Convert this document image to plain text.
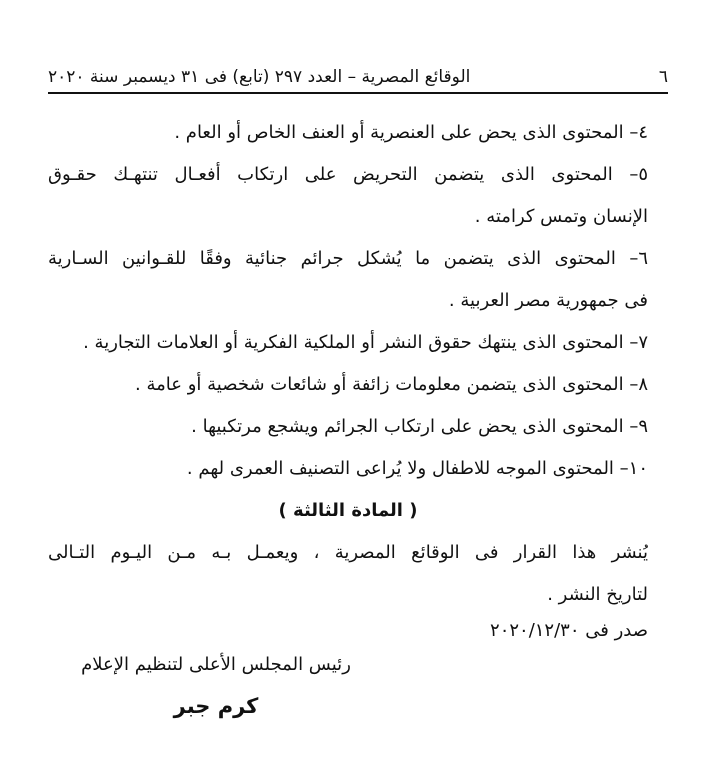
٦
الوقائع المصرية – العدد ٢٩٧ (تابع) فى ٣١ ديسمبر سنة ٢٠٢٠
٤– المحتوى الذى يحض على العنصرية أو العنف الخاص أو العام .
٥– المحتوى الذى يتضمن التحريض على ارتكاب أفعـال تنتهـك حقـوق
الإنسان وتمس كرامته .
٦– المحتوى الذى يتضمن ما يُشكل جرائم جنائية وفقًا للقـوانين السـارية
فى جمهورية مصر العربية .
٧– المحتوى الذى ينتهك حقوق النشر أو الملكية الفكرية أو العلامات التجارية .
٨– المحتوى الذى يتضمن معلومات زائفة أو شائعات شخصية أو عامة .
٩– المحتوى الذى يحض على ارتكاب الجرائم ويشجع مرتكبيها .
١٠– المحتوى الموجه للاطفال ولا يُراعى التصنيف العمرى لهم .
( المادة الثالثة )
يُنشر هذا القرار فى الوقائع المصرية ، ويعمـل بـه مـن اليـوم التـالى
لتاريخ النشر .
صدر فى ٢٠٢٠/١٢/٣٠
رئيس المجلس الأعلى لتنظيم الإعلام
كرم جبر
